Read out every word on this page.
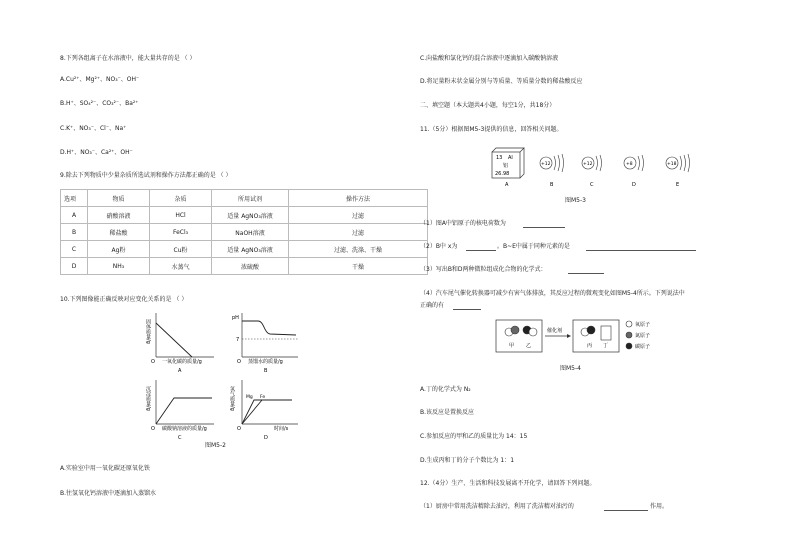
8.下列各组离子在水溶液中，能大量共存的是 （ ）
A.Cu²⁺、Mg²⁺、NO₃⁻、OH⁻
B.H⁺、SO₄²⁻、CO₃²⁻、Ba²⁺
C.K⁺、NO₃⁻、Cl⁻、Na⁺
D.H⁺、NO₃⁻、Ca²⁺、OH⁻
9.除去下列物质中少量杂质所选试剂和操作方法都正确的是 （ ）
选项	物质	杂质	所用试剂	操作方法
A	硝酸溶液	HCl	适量 AgNO₃溶液	过滤
B	稀盐酸	FeCl₃	NaOH溶液	过滤
C	Ag粉	Cu粉	适量 AgNO₃溶液	过滤、洗涤、干燥
D	NH₃	水蒸气	浓硫酸	干燥
10.下列图像能正确反映对应变化关系的是 （ ）
固体质量/g
O 一氧化碳的质量/g
A
pH
7
O 蒸馏水的质量/g
B
沉淀质量/g
O 碳酸钠溶液的质量/g
C
氢气质量/g Mg Fe
O	时间/s
D
图M5-2
A.实验室中用一氧化碳还原氧化铁
B.往氢氧化钙溶液中逐滴加入蒸馏水
C.向盐酸和氯化钙的混合溶液中逐滴加入碳酸钠溶液
D.将足量粉末状金属分别与等质量、等质量分数的稀盐酸反应
二、填空题（本大题共4小题，每空1分，共18分）
11.（5分）根据图M5-3提供的信息，回答相关问题。
13 Al
铝
26.98
A
+12
B
+12
C
+8
D
+18
E
图M5-3
（1）图A中铝原子的核电荷数为
（2）B中 x为	。B~E中属于同种元素的是
（3）写出B和D两种微粒组成化合物的化学式：
（4）汽车尾气催化转换器可减少有害气体排放，其反应过程的微观变化如图M5-4所示。下列说法中
正确的有
甲 乙
催化剂
丙 丁
氧原子
氮原子
碳原子
图M5-4
A.丁的化学式为 N₂
B.该反应是置换反应
C.参加反应的甲和乙的质量比为 14：15
D.生成丙和丁的分子个数比为 1：1
12.（4分）生产、生活和科技发展离不开化学，请回答下列问题。
（1）厨房中常用洗洁精除去油污，利用了洗洁精对油污的	作用。
